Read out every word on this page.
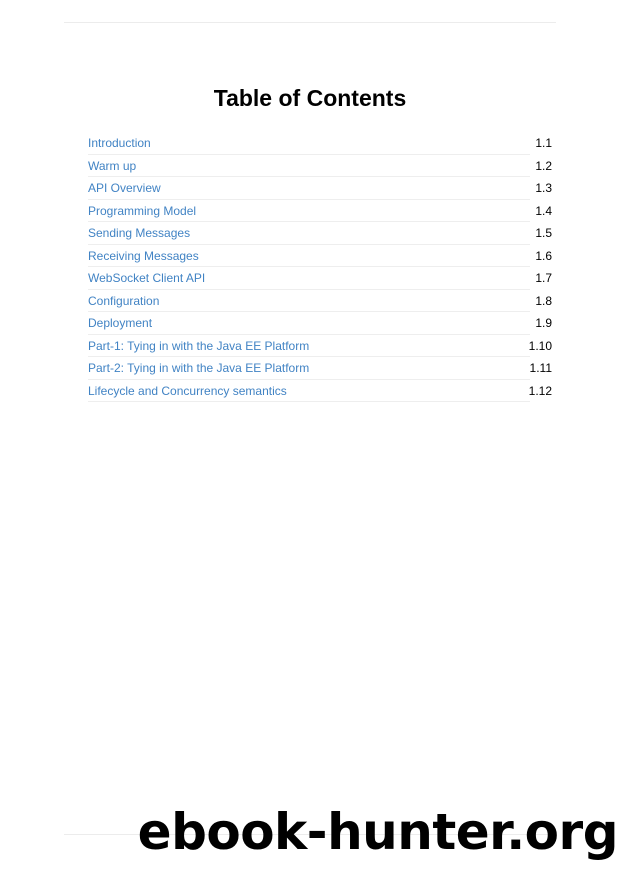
Table of Contents
Introduction	1.1
Warm up	1.2
API Overview	1.3
Programming Model	1.4
Sending Messages	1.5
Receiving Messages	1.6
WebSocket Client API	1.7
Configuration	1.8
Deployment	1.9
Part-1: Tying in with the Java EE Platform	1.10
Part-2: Tying in with the Java EE Platform	1.11
Lifecycle and Concurrency semantics	1.12
ebook-hunter.org
